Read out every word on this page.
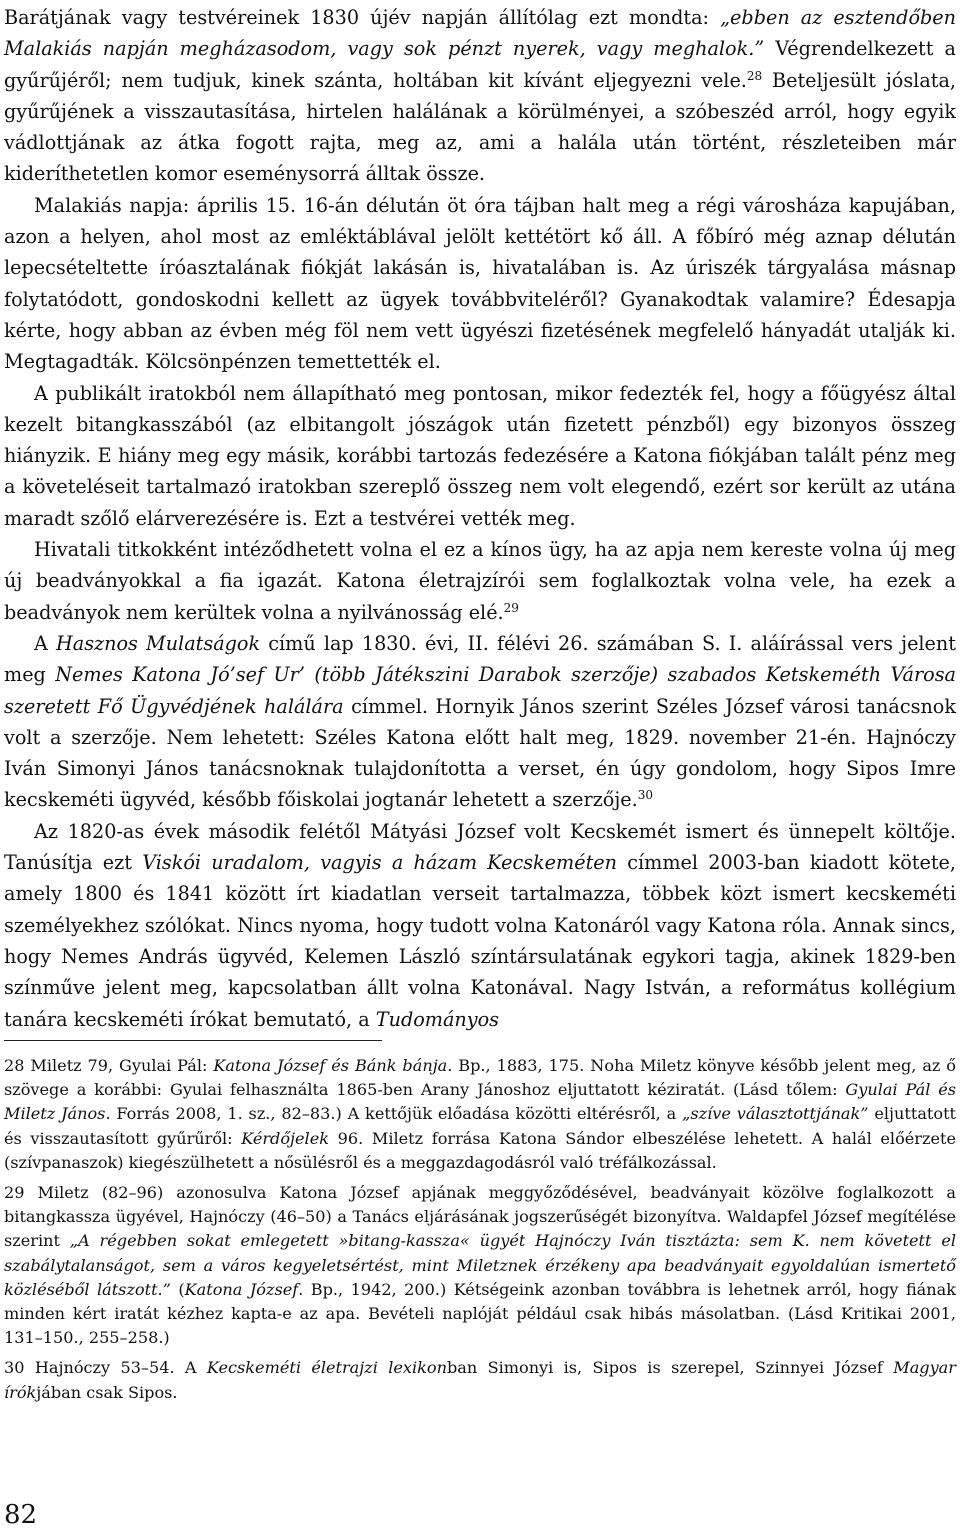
Barátjának vagy testvéreinek 1830 újév napján állítólag ezt mondta: „ebben az esztendőben Malakiás napján megházasodom, vagy sok pénzt nyerek, vagy meghalok.” Végrendelkezett a gyűrűjéről; nem tudjuk, kinek szánta, holtában kit kívánt eljegyezni vele.$^{28}$ Beteljesült jóslata, gyűrűjének a visszautasítása, hirtelen halálának a körülményei, a szóbeszéd arról, hogy egyik vádlottjának az átka fogott rajta, meg az, ami a halála után történt, részleteiben már kideríthetetlen komor eseménysorrá álltak össze.

Malakiás napja: április 15. 16-án délután öt óra tájban halt meg a régi városháza kapujában, azon a helyen, ahol most az emléktáblával jelölt kettétört kő áll. A főbíró még aznap délután lepecsételtette íróasztalának fiókját lakásán is, hivatalában is. Az úriszék tárgyalása másnap folytatódott, gondoskodni kellett az ügyek továbbviteléről? Gyanakodtak valamire? Édesapja kérte, hogy abban az évben még föl nem vett ügyészi fizetésének megfelelő hányadát utalják ki. Megtagadták. Kölcsönpénzen temettették el.

A publikált iratokból nem állapítható meg pontosan, mikor fedezték fel, hogy a főügyész által kezelt bitangkasszából (az elbitangolt jószágok után fizetett pénzből) egy bizonyos összeg hiányzik. E hiány meg egy másik, korábbi tartozás fedezésére a Katona fiókjában talált pénz meg a követeléseit tartalmazó iratokban szereplő összeg nem volt elegendő, ezért sor került az utána maradt szőlő elárverezésére is. Ezt a testvérei vették meg.

Hivatali titkokként intéződhetett volna el ez a kínos ügy, ha az apja nem kereste volna új meg új beadványokkal a fia igazát. Katona életrajzírói sem foglalkoztak volna vele, ha ezek a beadványok nem kerültek volna a nyilvánosság elé.$^{29}$

A Hasznos Mulatságok című lap 1830. évi, II. félévi 26. számában S. I. aláírással vers jelent meg Nemes Katona Jó’sef Ur’ (több Játékszini Darabok szerzője) szabados Ketskeméth Városa szeretett Fő Ügyvédjének halálára címmel. Hornyik János szerint Széles József városi tanácsnok volt a szerzője. Nem lehetett: Széles Katona előtt halt meg, 1829. november 21-én. Hajnóczy Iván Simonyi János tanácsnoknak tulajdonította a verset, én úgy gondolom, hogy Sipos Imre kecskeméti ügyvéd, később főiskolai jogtanár lehetett a szerzője.$^{30}$

Az 1820-as évek második felétől Mátyási József volt Kecskemét ismert és ünnepelt költője. Tanúsítja ezt Viskói uradalom, vagyis a házam Kecskeméten címmel 2003-ban kiadott kötete, amely 1800 és 1841 között írt kiadatlan verseit tartalmazza, többek közt ismert kecskeméti személyekhez szólókat. Nincs nyoma, hogy tudott volna Katonáról vagy Katona róla. Annak sincs, hogy Nemes András ügyvéd, Kelemen László színtársulatának egykori tagja, akinek 1829-ben színműve jelent meg, kapcsolatban állt volna Katonával. Nagy István, a református kollégium tanára kecskeméti írókat bemutató, a Tudományos

28 Miletz 79, Gyulai Pál: Katona József és Bánk bánja. Bp., 1883, 175. Noha Miletz könyve később jelent meg, az ő szövege a korábbi: Gyulai felhasználta 1865-ben Arany Jánoshoz eljuttatott kéziratát. (Lásd tőlem: Gyulai Pál és Miletz János. Forrás 2008, 1. sz., 82–83.) A kettőjük előadása közötti eltérésről, a „szíve választottjának” eljuttatott és visszautasított gyűrűről: Kérdőjelek 96. Miletz forrása Katona Sándor elbeszélése lehetett. A halál előérzete (szívpanaszok) kiegészülhetett a nősülésről és a meggazdagodásról való tréfálkozással.

29 Miletz (82–96) azonosulva Katona József apjának meggyőződésével, beadványait közölve foglalkozott a bitangkassza ügyével, Hajnóczy (46–50) a Tanács eljárásának jogszerűségét bizonyítva. Waldapfel József megítélése szerint „A régebben sokat emlegetett »bitang-kassza« ügyét Hajnóczy Iván tisztázta: sem K. nem követett el szabálytalanságot, sem a város kegyeletsértést, mint Miletznek érzékeny apa beadványait egyoldalúan ismertető közléséből látszott.” (Katona József. Bp., 1942, 200.) Kétségeink azonban továbbra is lehetnek arról, hogy fiának minden kért iratát kézhez kapta-e az apa. Bevételi naplóját például csak hibás másolatban. (Lásd Kritikai 2001, 131–150., 255–258.)

30 Hajnóczy 53–54. A Kecskeméti életrajzi lexikonban Simonyi is, Sipos is szerepel, Szinnyei József Magyar írókjában csak Sipos.

82
